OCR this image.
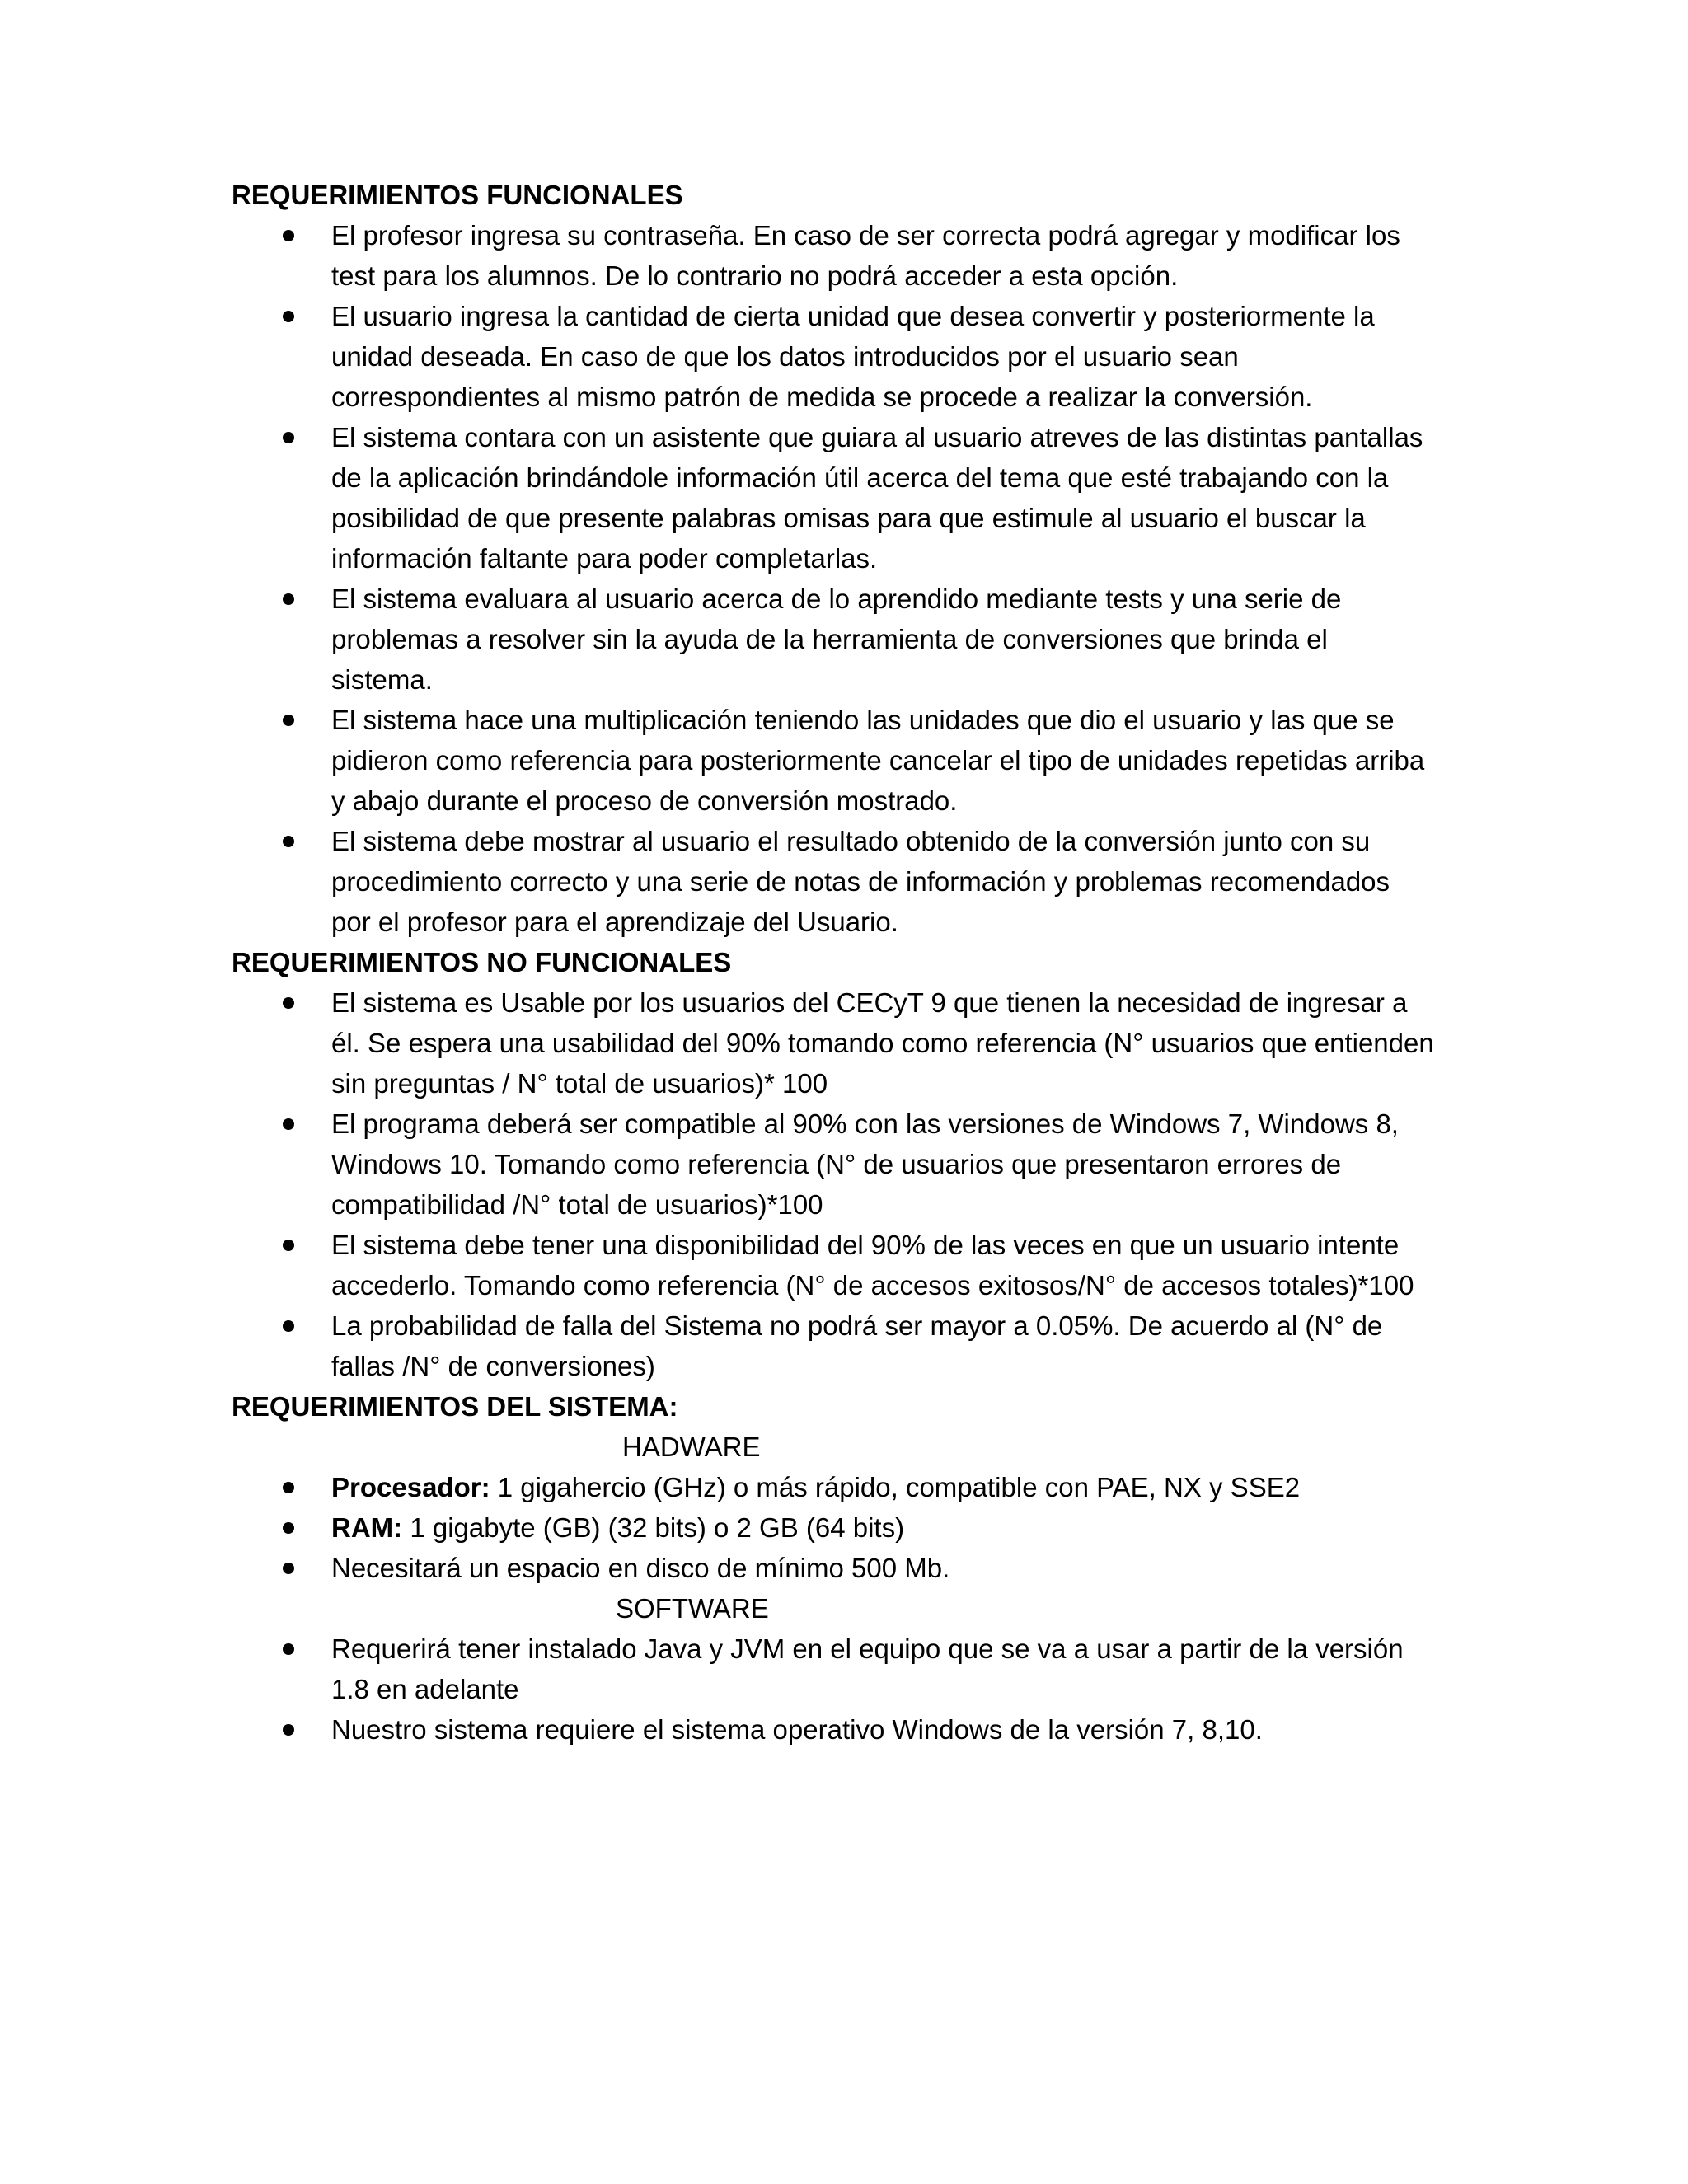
REQUERIMIENTOS FUNCIONALES
El profesor ingresa su contraseña. En caso de ser correcta podrá agregar y modificar los test para los alumnos. De lo contrario no podrá acceder a esta opción.
El usuario ingresa la cantidad de cierta unidad que desea convertir y posteriormente la unidad deseada. En caso de que los datos introducidos por el usuario sean correspondientes al mismo patrón de medida se procede a realizar la conversión.
El sistema contara con un asistente que guiara al usuario atreves de las distintas pantallas de la aplicación brindándole información útil acerca del tema que esté trabajando con la posibilidad de que presente palabras omisas para que estimule al usuario el buscar la información faltante para poder completarlas.
El sistema evaluara al usuario acerca de lo aprendido mediante tests y una serie de problemas a resolver sin la ayuda de la herramienta de conversiones que brinda el sistema.
El sistema hace una multiplicación teniendo las unidades que dio el usuario y las que se pidieron como referencia para posteriormente cancelar el tipo de unidades repetidas arriba y abajo durante el proceso de conversión mostrado.
El sistema debe mostrar al usuario el resultado obtenido de la conversión junto con su procedimiento correcto y una serie de notas de información y problemas recomendados por el profesor para el aprendizaje del Usuario.
REQUERIMIENTOS NO FUNCIONALES
El sistema es Usable por los usuarios del CECyT 9 que tienen la necesidad de ingresar a él. Se espera una usabilidad del 90% tomando como referencia (N° usuarios que entienden sin preguntas / N° total de usuarios)* 100
El programa deberá ser compatible al 90% con las versiones de Windows 7, Windows 8, Windows 10. Tomando como referencia (N° de usuarios que presentaron errores de compatibilidad /N° total de usuarios)*100
El sistema debe tener una disponibilidad del 90% de las veces en que un usuario intente accederlo. Tomando como referencia (N° de accesos exitosos/N° de accesos totales)*100
La probabilidad de falla del Sistema no podrá ser mayor a 0.05%. De acuerdo al (N° de fallas /N° de conversiones)
REQUERIMIENTOS DEL SISTEMA:
HADWARE
Procesador: 1 gigahercio (GHz) o más rápido, compatible con PAE, NX y SSE2
RAM: 1 gigabyte (GB) (32 bits) o 2 GB (64 bits)
Necesitará un espacio en disco de mínimo 500 Mb.
SOFTWARE
Requerirá tener instalado Java y JVM en el equipo que se va a usar a partir de la versión 1.8 en adelante
Nuestro sistema requiere el sistema operativo Windows de la versión 7, 8,10.
